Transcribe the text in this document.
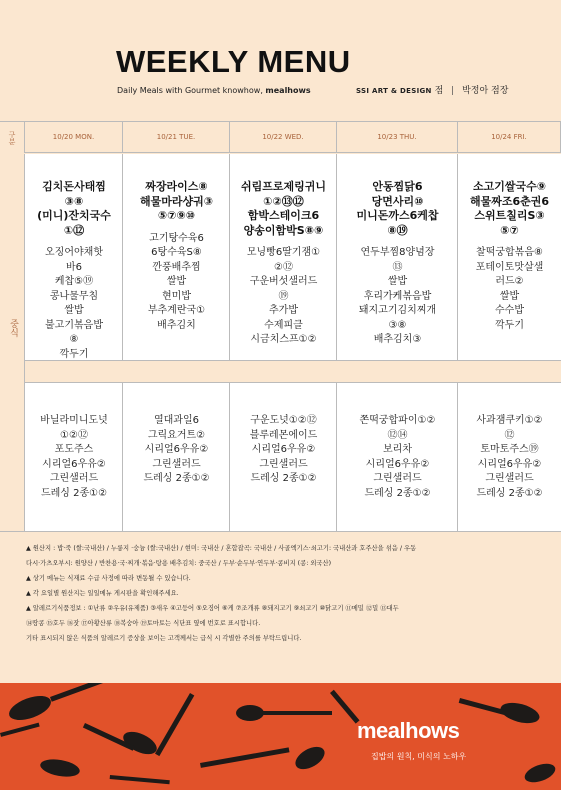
WEEKLY MENU
Daily Meals with Gourmet knowhow, mealhows	SSI ART & DESIGN 점 | 박정아 점장
구분
중식
10/20 MON.
김치돈사태찜
③⑧
(미니)잔치국수
①⑫
오징어야채핫
바6
케찹⑤⑲
콩나물무침
쌀밥
불고기볶음밥
⑧
깍두기
바닐라미니도넛
①②⑫
포도주스
시리얼6우유②
그린샐러드
드레싱 2종①②
10/21 TUE.
짜장라이스⑧
해물마라샹궈③
⑤⑦⑨⑩
고기탕수육6
6탕수육S⑧
깐풍배추찜
쌀밥
현미밥
부추계란국①
배추김치
열대과일6
그릭요거트②
시리얼6우유②
그린샐러드
드레싱 2종①②
10/22 WED.
쉬림프로제링귀니
①②⑬⑫
함박스테이크6
양송이함박S⑧⑨
모닝빵6딸기잼①
②⑫
구운버섯샐러드
⑲
추가밥
수제피클
시금치스프①②
구운도넛①②⑫
블루레몬에이드
시리얼6우유②
그린샐러드
드레싱 2종①②
10/23 THU.
안동찜닭6
당면사리⑩
미니돈까스6케찹
⑧⑲
연두부찜8양념장
⑬
쌀밥
후리가케볶음밥
돼지고기김치찌개
③⑧
배추김치③
쫀떡궁합파이①②
⑫⑭
보리차
시리얼6우유②
그린샐러드
드레싱 2종①②
10/24 FRI.
소고기쌀국수⑨
해물짜조6춘권6
스위트칠리S③
⑤⑦
찰떡궁합볶음⑧
포테이토맛살샐
러드②
쌀밥
수수밥
깍두기
사과잼쿠키①②
⑫
토마토주스⑲
시리얼6우유②
그린샐러드
드레싱 2종①②
▲ 원산지 : 밥·죽 (쌀:국내산) / 누룽지 ·숭늉 (쌀:국내산) / 현미: 국내산 / 혼합잡곡: 국내산 / 사골엑기스·쇠고기: 국내산과 호주산을 섞음 / 우동
다시·가츠오부시: 원양산 / 반찬용·국·찌개·볶음·탕용 배추김치: 중국산 / 두부·순두부·연두부·콩비지 (콩: 외국산)
▲ 상기 메뉴는 식재료 수급 사정에 따라 변동될 수 있습니다.
▲ 각 요일별 원산지는 일일메뉴 게시판을 확인해주세요.
▲ 알레르기식품정보 : ①난류 ②우유(유제품) ③새우 ④고등어 ⑤오징어 ⑥게 ⑦조개류 ⑧돼지고기 ⑨쇠고기 ⑩닭고기 ⑪메밀 ⑫밀 ⑬대두
⑭땅콩 ⑮호두 ⑯잣 ⑰아황산류 ⑱복숭아 ⑲토마토는 식단표 옆에 번호로 표시합니다.
기타 표시되지 않은 식품의 알레르기 증상을 보이는 고객께서는 급식 시 각별한 주의를 부탁드립니다.
mealhows
집밥의 원칙, 미식의 노하우
